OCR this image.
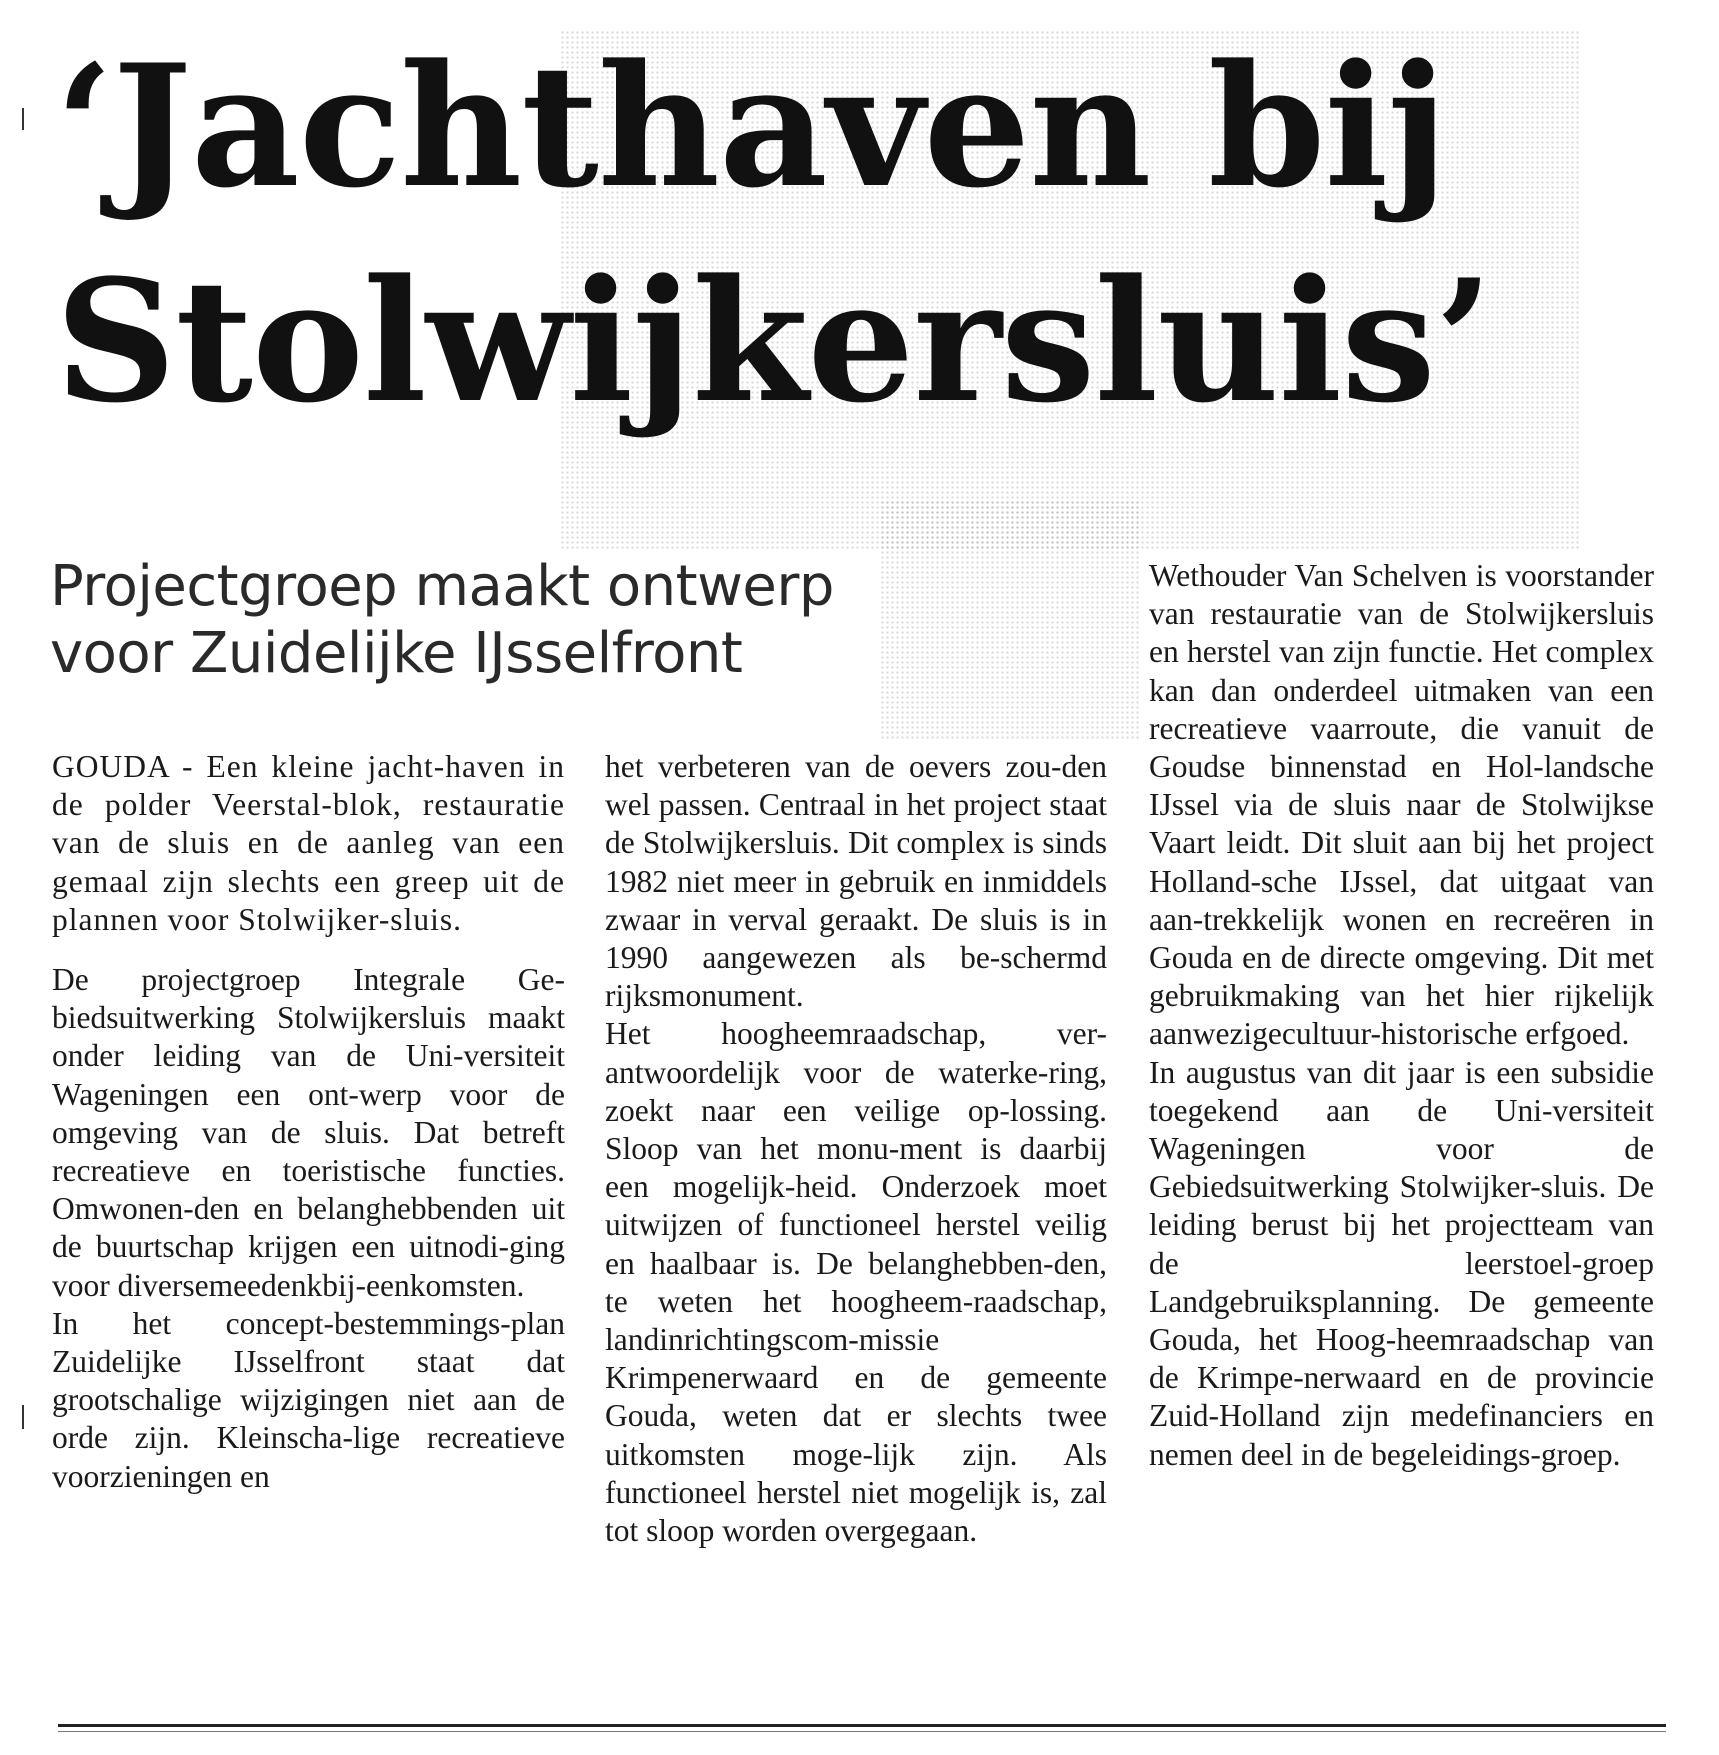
‘Jachthaven bij
Stolwijkersluis’
Projectgroep maakt ontwerp
voor Zuidelijke IJsselfront

GOUDA - Een kleine jacht-haven in de polder Veerstal-blok, restauratie van de sluis en de aanleg van een gemaal zijn slechts een greep uit de plannen voor Stolwijker-sluis.

De projectgroep Integrale Ge-biedsuitwerking Stolwijkersluis maakt onder leiding van de Uni-versiteit Wageningen een ont-werp voor de omgeving van de sluis. Dat betreft recreatieve en toeristische functies. Omwonen-den en belanghebbenden uit de buurtschap krijgen een uitnodi-ging voor diversemeedenkbij-eenkomsten.

In het concept-bestemmings-plan Zuidelijke IJsselfront staat dat grootschalige wijzigingen niet aan de orde zijn. Kleinscha-lige recreatieve voorzieningen en

het verbeteren van de oevers zou-den wel passen. Centraal in het project staat de Stolwijkersluis. Dit complex is sinds 1982 niet meer in gebruik en inmiddels zwaar in verval geraakt. De sluis is in 1990 aangewezen als be-schermd rijksmonument.

Het hoogheemraadschap, ver-antwoordelijk voor de waterke-ring, zoekt naar een veilige op-lossing. Sloop van het monu-ment is daarbij een mogelijk-heid. Onderzoek moet uitwijzen of functioneel herstel veilig en haalbaar is. De belanghebben-den, te weten het hoogheem-raadschap, landinrichtingscom-missie Krimpenerwaard en de gemeente Gouda, weten dat er slechts twee uitkomsten moge-lijk zijn. Als functioneel herstel niet mogelijk is, zal tot sloop worden overgegaan.

Wethouder Van Schelven is voorstander van restauratie van de Stolwijkersluis en herstel van zijn functie. Het complex kan dan onderdeel uitmaken van een recreatieve vaarroute, die vanuit de Goudse binnenstad en Hol-landsche IJssel via de sluis naar de Stolwijkse Vaart leidt. Dit sluit aan bij het project Holland-sche IJssel, dat uitgaat van aan-trekkelijk wonen en recreëren in Gouda en de directe omgeving. Dit met gebruikmaking van het hier rijkelijk aanwezigecultuur-historische erfgoed.

In augustus van dit jaar is een subsidie toegekend aan de Uni-versiteit Wageningen voor de Gebiedsuitwerking Stolwijker-sluis. De leiding berust bij het projectteam van de leerstoel-groep Landgebruiksplanning. De gemeente Gouda, het Hoog-heemraadschap van de Krimpe-nerwaard en de provincie Zuid-Holland zijn medefinanciers en nemen deel in de begeleidings-groep.
